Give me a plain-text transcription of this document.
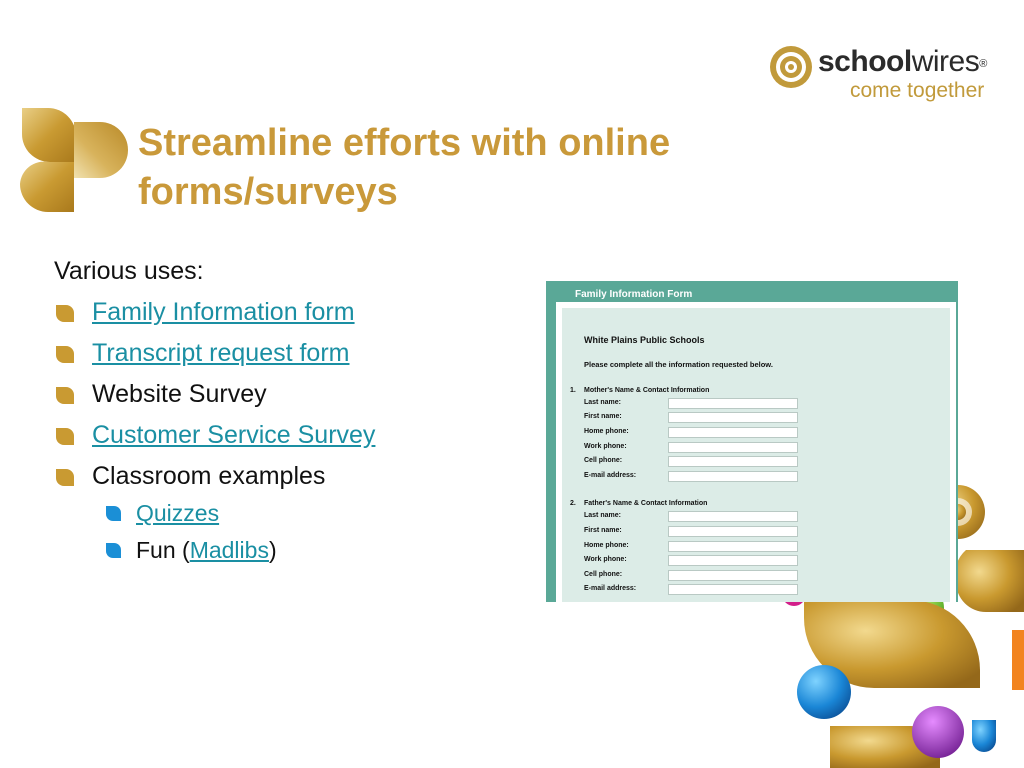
schoolwires®
come together
Streamline efforts with online forms/surveys
Various uses:
Family Information form
Transcript request form
Website Survey
Customer Service Survey
Classroom examples
Quizzes
Fun (Madlibs)
Family Information Form
White Plains Public Schools
Please complete all the information requested below.
1. Mother's Name & Contact Information
Last name:
First name:
Home phone:
Work phone:
Cell phone:
E-mail address:
2. Father's Name & Contact Information
Last name:
First name:
Home phone:
Work phone:
Cell phone:
E-mail address:
